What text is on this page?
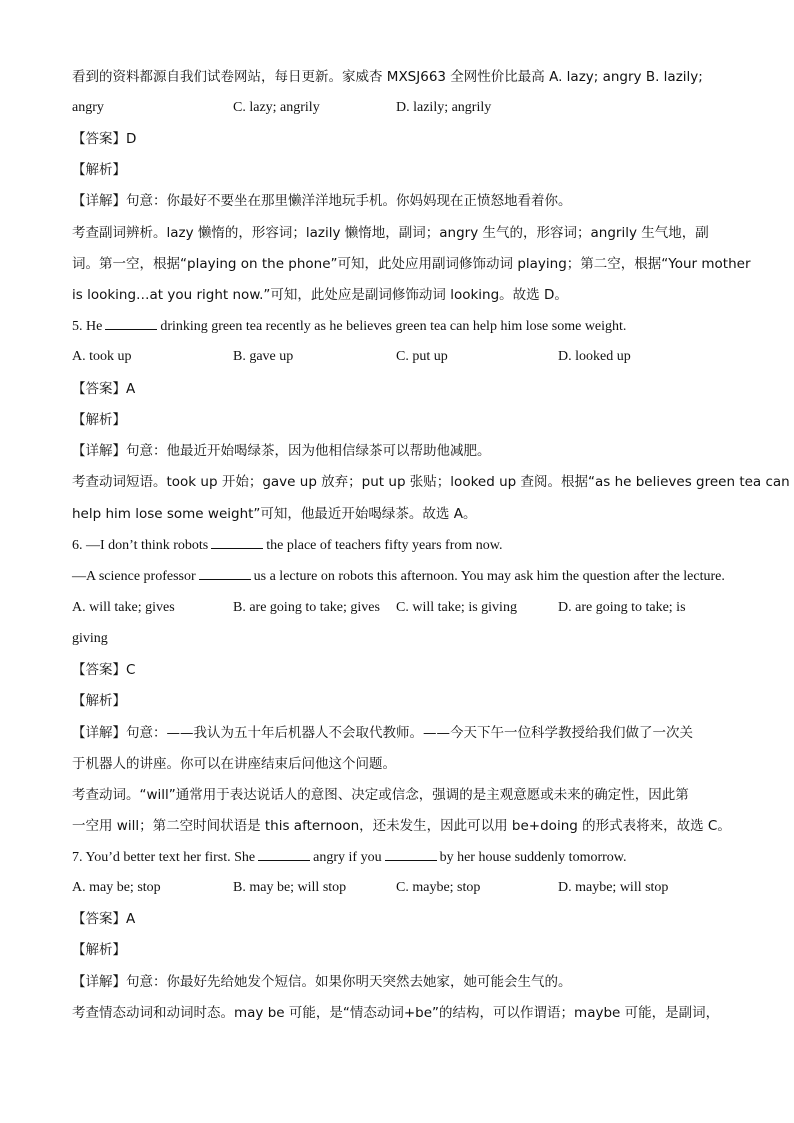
看到的资料都源自我们试卷网站，每日更新。家威杏 MXSJ663 全网性价比最高 A. lazy; angry B. lazily;
angry	C. lazy; angrily	D. lazily; angrily
【答案】D
【解析】
【详解】句意：你最好不要坐在那里懒洋洋地玩手机。你妈妈现在正愤怒地看着你。
考查副词辨析。lazy 懒惰的，形容词；lazily 懒惰地，副词；angry 生气的，形容词；angrily 生气地，副
词。第一空，根据“playing on the phone”可知，此处应用副词修饰动词 playing；第二空，根据“Your mother
is looking…at you right now.”可知，此处应是副词修饰动词 looking。故选 D。
5. He	drinking green tea recently as he believes green tea can help him lose some weight.
A. took up	B. gave up	C. put up	D. looked up
【答案】A
【解析】
【详解】句意：他最近开始喝绿茶，因为他相信绿茶可以帮助他减肥。
考查动词短语。took up 开始；gave up 放弃；put up 张贴；looked up 查阅。根据“as he believes green tea can
help him lose some weight”可知，他最近开始喝绿茶。故选 A。
6. —I don’t think robots	the place of teachers fifty years from now.
—A science professor	us a lecture on robots this afternoon. You may ask him the question after the lecture.
A. will take; gives	B. are going to take; gives C. will take; is giving	D. are going to take; is
giving
【答案】C
【解析】
【详解】句意：——我认为五十年后机器人不会取代教师。——今天下午一位科学教授给我们做了一次关
于机器人的讲座。你可以在讲座结束后问他这个问题。
考查动词。“will”通常用于表达说话人的意图、决定或信念，强调的是主观意愿或未来的确定性，因此第
一空用 will；第二空时间状语是 this afternoon，还未发生，因此可以用 be+doing 的形式表将来，故选 C。
7. You’d better text her first. She	angry if you	by her house suddenly tomorrow.
A. may be; stop	B. may be; will stop	C. maybe; stop	D. maybe; will stop
【答案】A
【解析】
【详解】句意：你最好先给她发个短信。如果你明天突然去她家，她可能会生气的。
考查情态动词和动词时态。may be 可能，是“情态动词+be”的结构，可以作谓语；maybe 可能，是副词，
